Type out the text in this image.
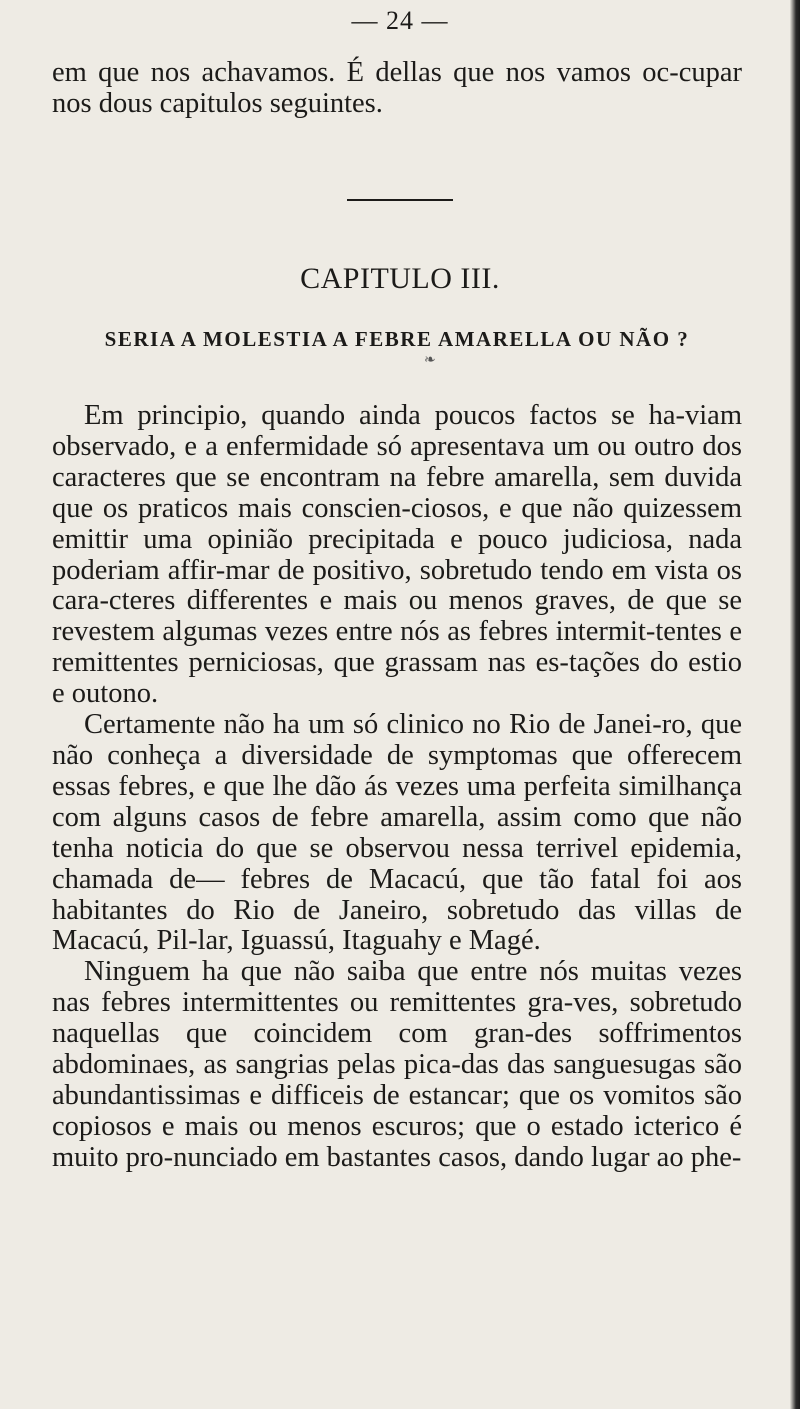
— 24 —

em que nos achavamos. É dellas que nos vamos oc-cupar nos dous capitulos seguintes.

CAPITULO III.
SERIA A MOLESTIA A FEBRE AMARELLA OU NÃO ?
❧

Em principio, quando ainda poucos factos se ha-viam observado, e a enfermidade só apresentava um ou outro dos caracteres que se encontram na febre amarella, sem duvida que os praticos mais conscien-ciosos, e que não quizessem emittir uma opinião precipitada e pouco judiciosa, nada poderiam affir-mar de positivo, sobretudo tendo em vista os cara-cteres differentes e mais ou menos graves, de que se revestem algumas vezes entre nós as febres intermit-tentes e remittentes perniciosas, que grassam nas es-tações do estio e outono.

Certamente não ha um só clinico no Rio de Janei-ro, que não conheça a diversidade de symptomas que offerecem essas febres, e que lhe dão ás vezes uma perfeita similhança com alguns casos de febre amarella, assim como que não tenha noticia do que se observou nessa terrivel epidemia, chamada de— febres de Macacú, que tão fatal foi aos habitantes do Rio de Janeiro, sobretudo das villas de Macacú, Pil-lar, Iguassú, Itaguahy e Magé.

Ninguem ha que não saiba que entre nós muitas vezes nas febres intermittentes ou remittentes gra-ves, sobretudo naquellas que coincidem com gran-des soffrimentos abdominaes, as sangrias pelas pica-das das sanguesugas são abundantissimas e difficeis de estancar; que os vomitos são copiosos e mais ou menos escuros; que o estado icterico é muito pro-nunciado em bastantes casos, dando lugar ao phe-
